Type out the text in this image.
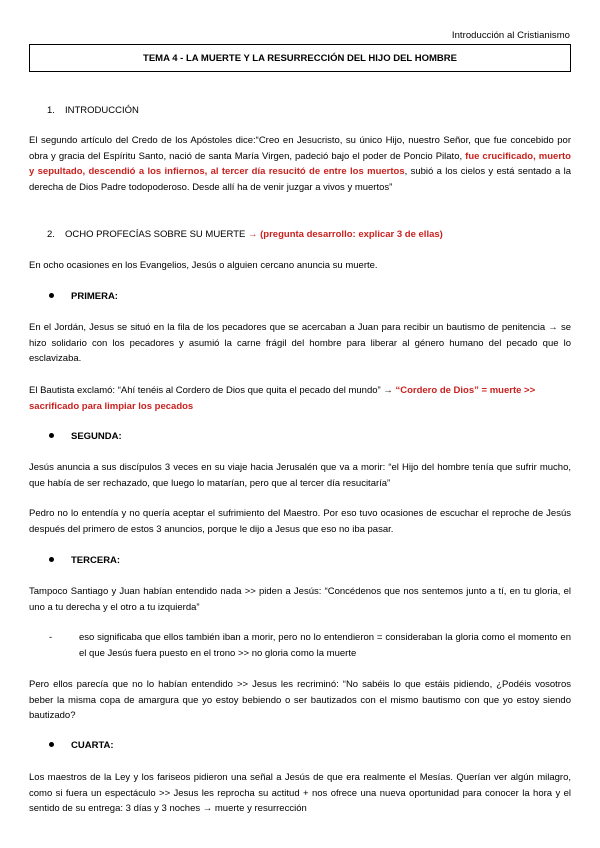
Introducción al Cristianismo
TEMA 4 - LA MUERTE Y LA RESURRECCIÓN DEL HIJO DEL HOMBRE
1.	INTRODUCCIÓN
El segundo artículo del Credo de los Apóstoles dice:“Creo en Jesucristo, su único Hijo, nuestro Señor, que fue concebido por obra y gracia del Espíritu Santo, nació de santa María Virgen, padeció bajo el poder de Poncio Pilato, fue crucificado, muerto y sepultado, descendió a los infiernos, al tercer día resucitó de entre los muertos, subió a los cielos y está sentado a la derecha de Dios Padre todopoderoso. Desde allí ha de venir juzgar a vivos y muertos”
2.	OCHO PROFECÍAS SOBRE SU MUERTE → (pregunta desarrollo: explicar 3 de ellas)
En ocho ocasiones en los Evangelios, Jesús o alguien cercano anuncia su muerte.
PRIMERA:
En el Jordán, Jesus se situó en la fila de los pecadores que se acercaban a Juan para recibir un bautismo de penitencia → se hizo solidario con los pecadores y asumió la carne frágil del hombre para liberar al género humano del pecado que lo esclavizaba.
El Bautista exclamó: “Ahí tenéis al Cordero de Dios que quita el pecado del mundo” → “Cordero de Dios” = muerte >> sacrificado para limpiar los pecados
SEGUNDA:
Jesús anuncia a sus discípulos 3 veces en su viaje hacia Jerusalén que va a morir: “el Hijo del hombre tenía que sufrir mucho, que había de ser rechazado, que luego lo matarían, pero que al tercer día resucitaría”
Pedro no lo entendía y no quería aceptar el sufrimiento del Maestro. Por eso tuvo ocasiones de escuchar el reproche de Jesús después del primero de estos 3 anuncios, porque le dijo a Jesus que eso no iba pasar.
TERCERA:
Tampoco Santiago y Juan habían entendido nada >> piden a Jesús: “Concédenos que nos sentemos junto a tí, en tu gloria, el uno a tu derecha y el otro a tu izquierda”
-	eso significaba que ellos también iban a morir, pero no lo entendieron = consideraban la gloria como el momento en el que Jesús fuera puesto en el trono >> no gloria como la muerte
Pero ellos parecía que no lo habían entendido >> Jesus les recriminó: “No sabéis lo que estáis pidiendo, ¿Podéis vosotros beber la misma copa de amargura que yo estoy bebiendo o ser bautizados con el mismo bautismo con que yo estoy siendo bautizado?
CUARTA:
Los maestros de la Ley y los fariseos pidieron una señal a Jesús de que era realmente el Mesías. Querían ver algún milagro, como si fuera un espectáculo >> Jesus les reprocha su actitud + nos ofrece una nueva oportunidad para conocer la hora y el sentido de su entrega: 3 días y 3 noches → muerte y resurrección
